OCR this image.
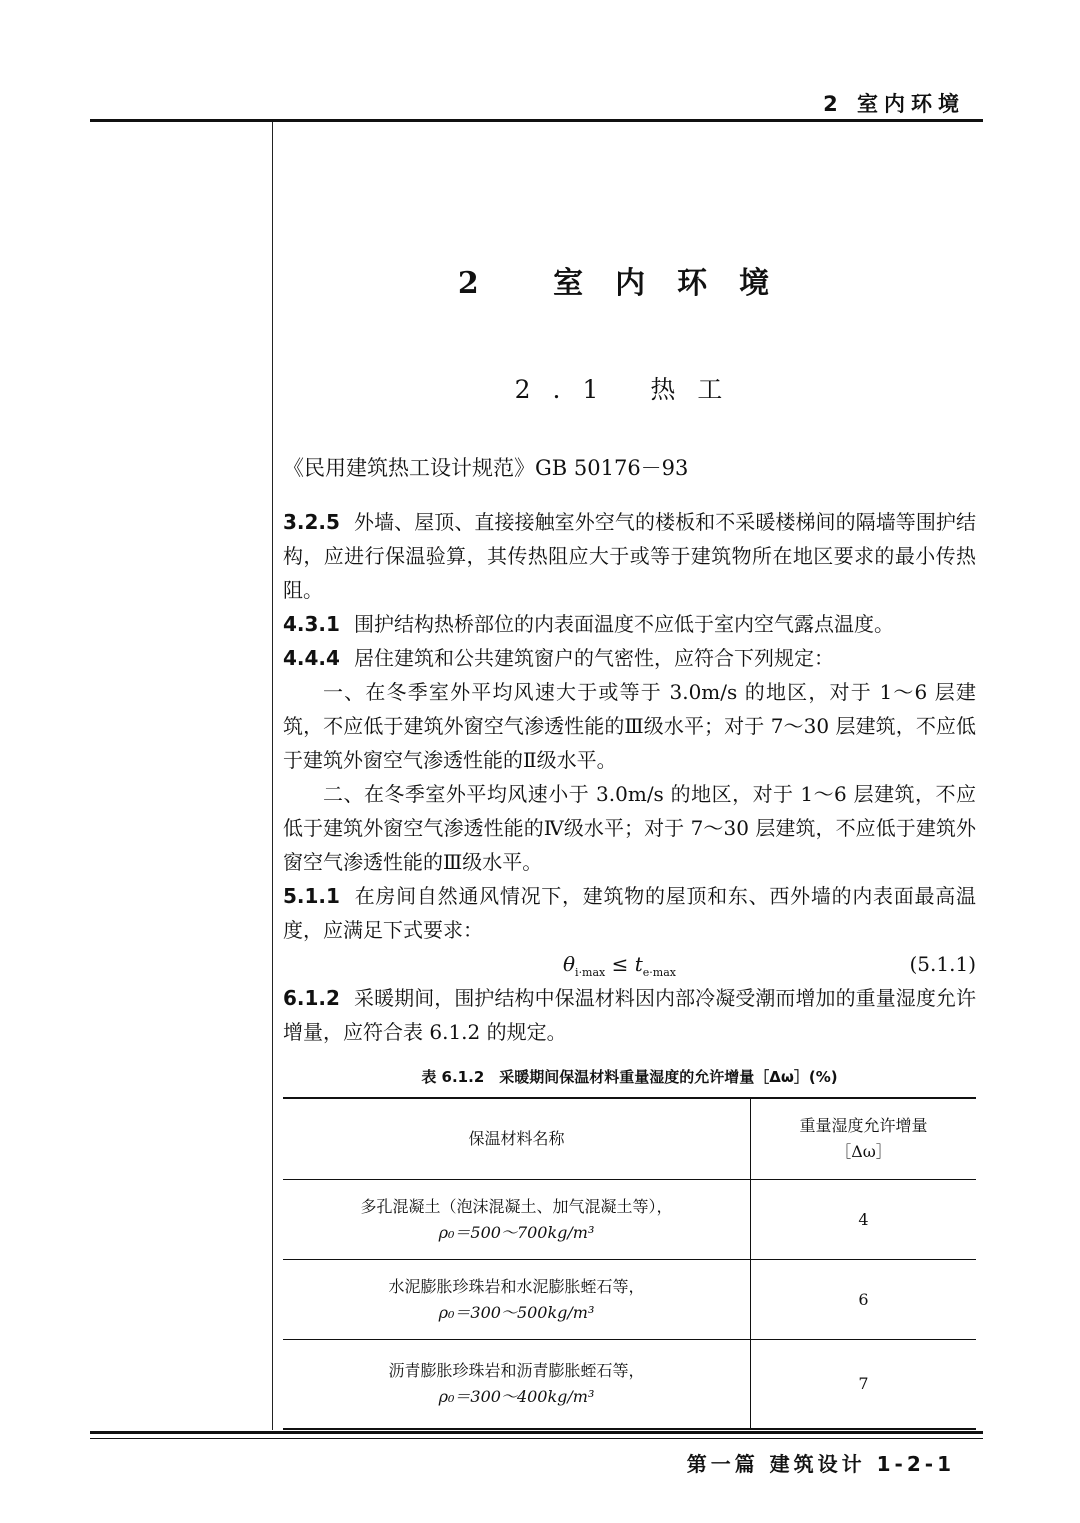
2 室内环境
2 室内环境
2.1 热工
《民用建筑热工设计规范》GB 50176－93

3.2.5 外墙、屋顶、直接接触室外空气的楼板和不采暖楼梯间的隔墙等围护结构，应进行保温验算，其传热阻应大于或等于建筑物所在地区要求的最小传热阻。

4.3.1 围护结构热桥部位的内表面温度不应低于室内空气露点温度。

4.4.4 居住建筑和公共建筑窗户的气密性，应符合下列规定：

一、在冬季室外平均风速大于或等于 3.0m/s 的地区，对于 1～6 层建筑，不应低于建筑外窗空气渗透性能的Ⅲ级水平；对于 7～30 层建筑，不应低于建筑外窗空气渗透性能的Ⅱ级水平。

二、在冬季室外平均风速小于 3.0m/s 的地区，对于 1～6 层建筑，不应低于建筑外窗空气渗透性能的Ⅳ级水平；对于 7～30 层建筑，不应低于建筑外窗空气渗透性能的Ⅲ级水平。

5.1.1 在房间自然通风情况下，建筑物的屋顶和东、西外墙的内表面最高温度，应满足下式要求：

$\theta_{i\cdot max} \le t_{e\cdot max}$	(5.1.1)

6.1.2 采暖期间，围护结构中保温材料因内部冷凝受潮而增加的重量湿度允许增量，应符合表 6.1.2 的规定。

表 6.1.2　采暖期间保温材料重量湿度的允许增量［Δω］(%)
保温材料名称	重量湿度允许增量
［Δω］
多孔混凝土（泡沫混凝土、加气混凝土等），
ρ₀＝500～700kg/m³	4
水泥膨胀珍珠岩和水泥膨胀蛭石等，
ρ₀＝300～500kg/m³	6
沥青膨胀珍珠岩和沥青膨胀蛭石等，
ρ₀＝300～400kg/m³	7
第一篇 建筑设计 1-2-1
